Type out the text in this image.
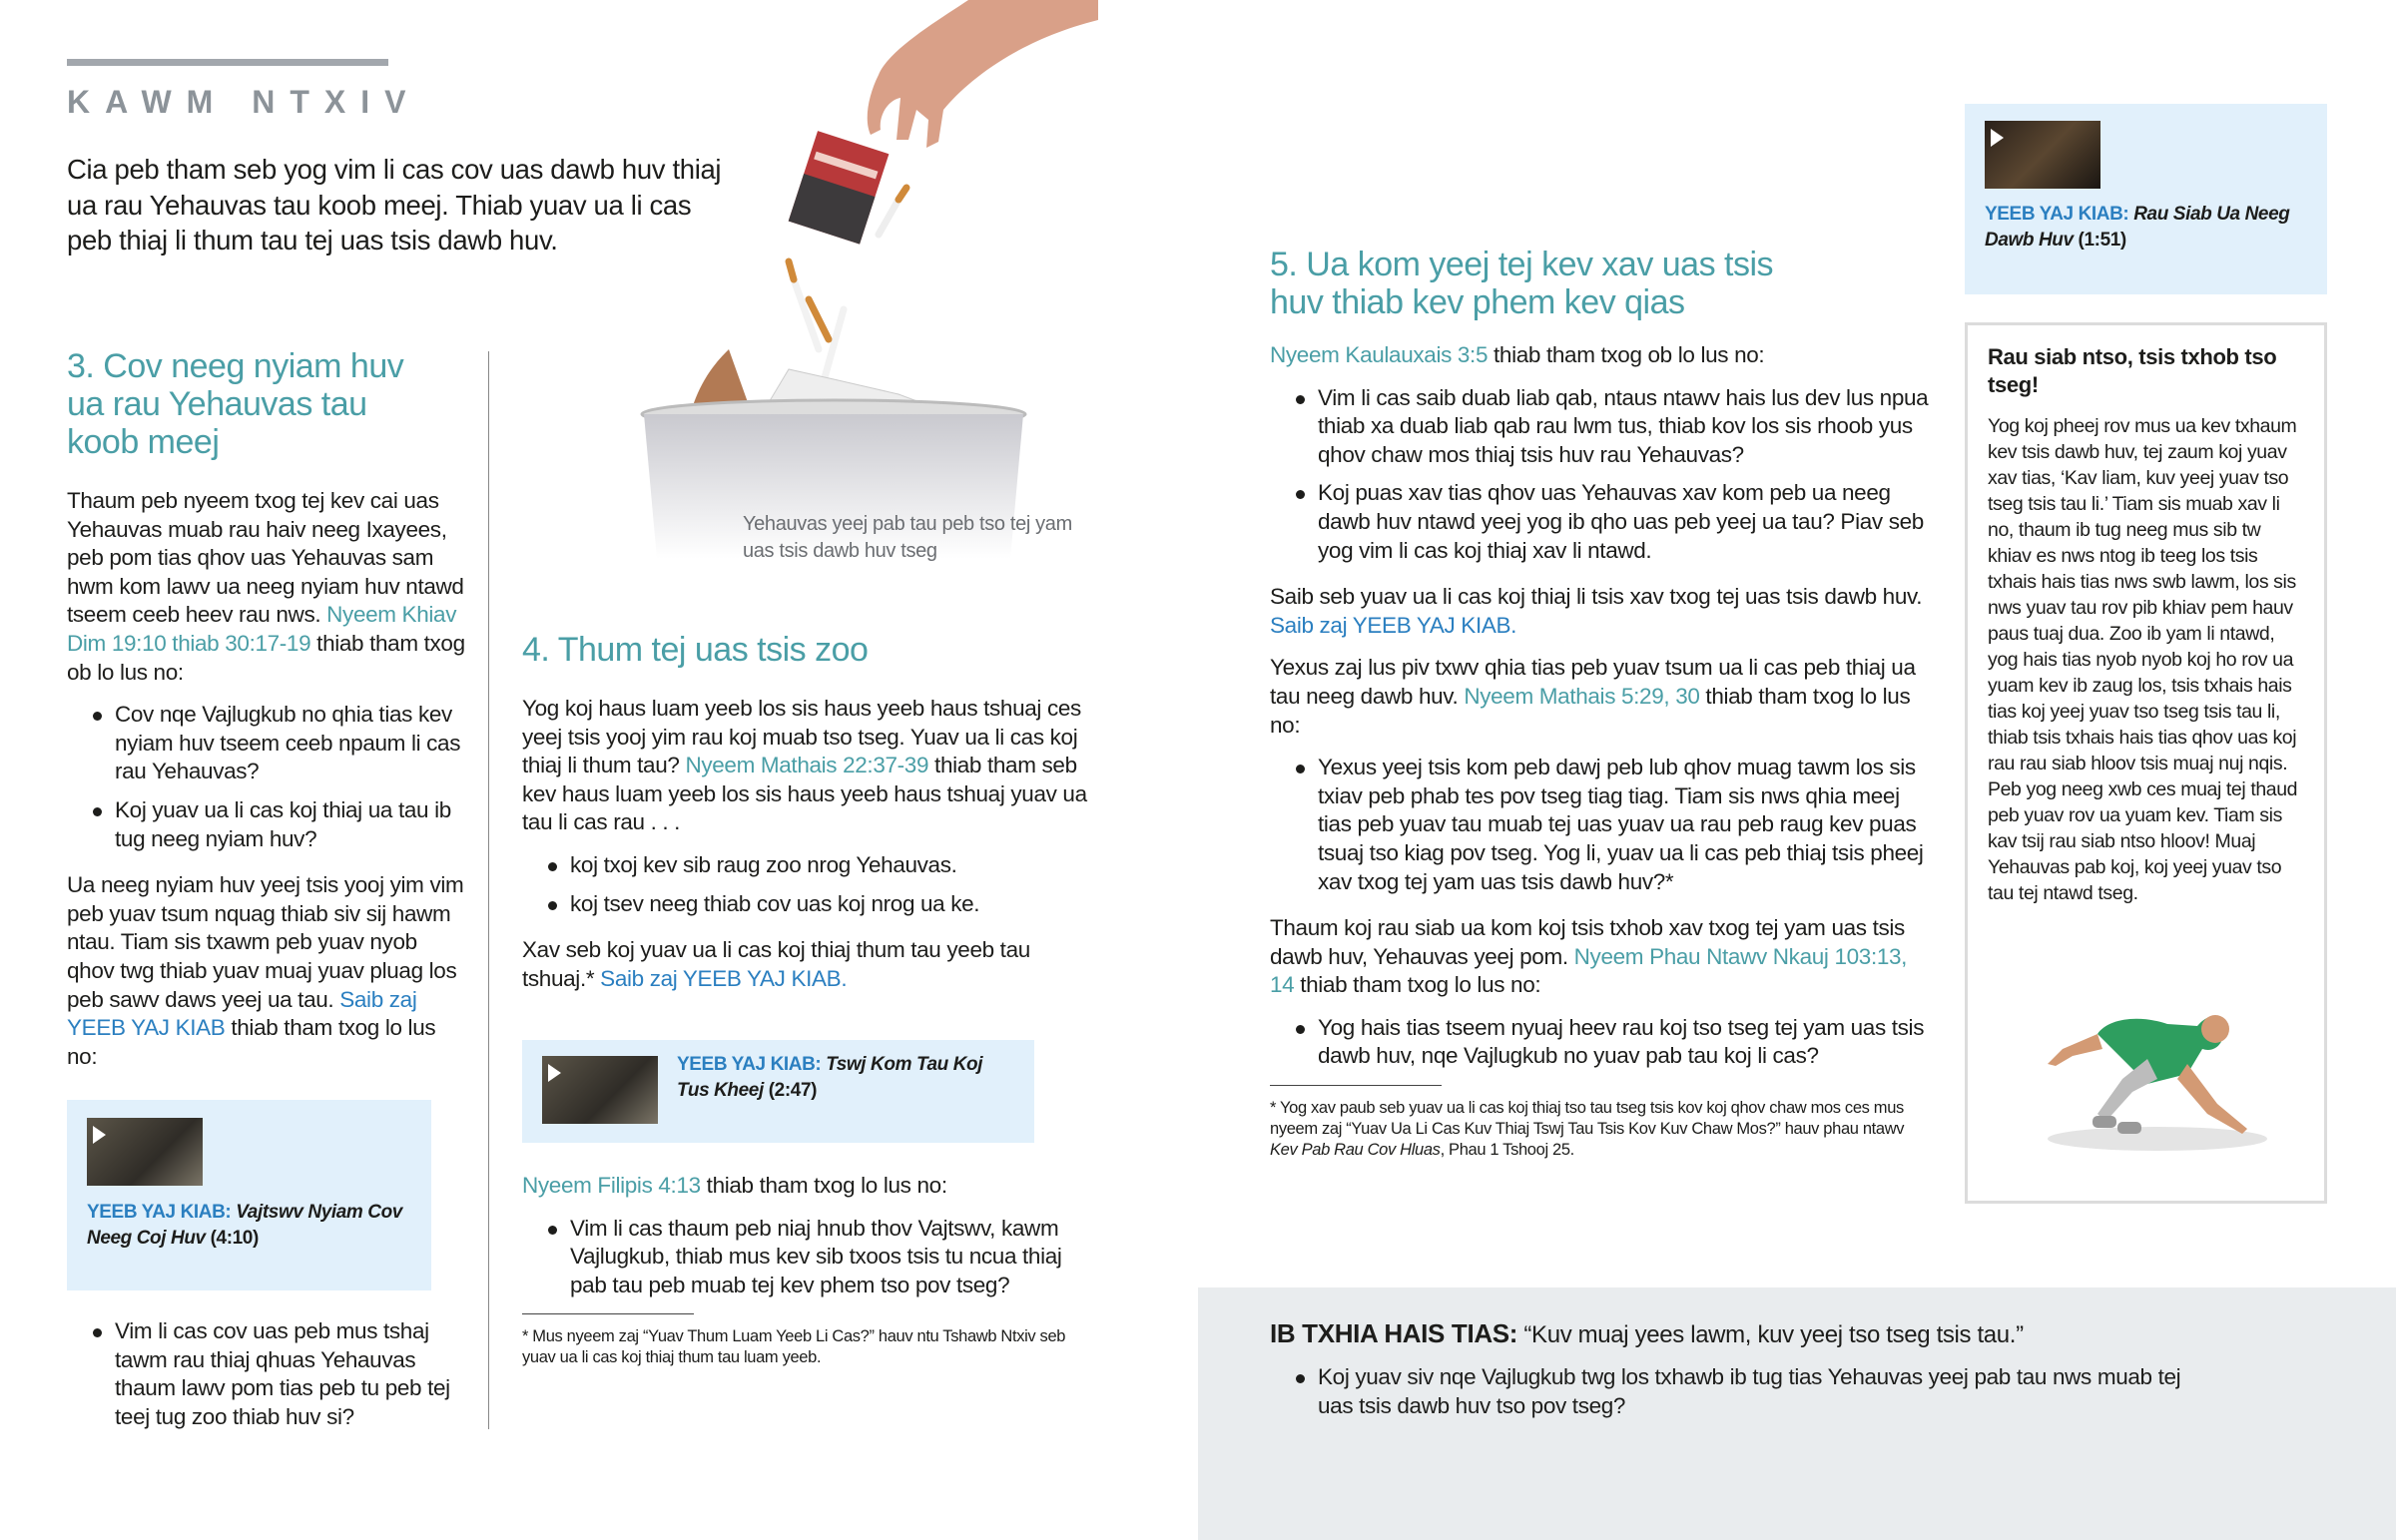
KAWM NTXIV
Cia peb tham seb yog vim li cas cov uas dawb huv thiaj ua rau Yehauvas tau koob meej. Thiab yuav ua li cas peb thiaj li thum tau tej uas tsis dawb huv.
Yehauvas yeej pab tau peb tso tej yam uas tsis dawb huv tseg
3. Cov neeg nyiam huv ua rau Yehauvas tau koob meej

Thaum peb nyeem txog tej kev cai uas Yehauvas muab rau haiv neeg Ixayees, peb pom tias qhov uas Yehauvas sam hwm kom lawv ua neeg nyiam huv ntawd tseem ceeb heev rau nws. Nyeem Khiav Dim 19:10 thiab 30:17-19 thiab tham txog ob lo lus no:

Cov nqe Vajlugkub no qhia tias kev nyiam huv tseem ceeb npaum li cas rau Yehauvas?
Koj yuav ua li cas koj thiaj ua tau ib tug neeg nyiam huv?

Ua neeg nyiam huv yeej tsis yooj yim vim peb yuav tsum nquag thiab siv sij hawm ntau. Tiam sis txawm peb yuav nyob qhov twg thiab yuav muaj yuav pluag los peb sawv daws yeej ua tau. Saib zaj YEEB YAJ KIAB thiab tham txog lo lus no:

YEEB YAJ KIAB: Vajtswv Nyiam Cov Neeg Coj Huv (4:10)
Vim li cas cov uas peb mus tshaj tawm rau thiaj qhuas Yehauvas thaum lawv pom tias peb tu peb tej teej tug zoo thiab huv si?
4. Thum tej uas tsis zoo

Yog koj haus luam yeeb los sis haus yeeb haus tshuaj ces yeej tsis yooj yim rau koj muab tso tseg. Yuav ua li cas koj thiaj li thum tau? Nyeem Mathais 22:37-39 thiab tham seb kev haus luam yeeb los sis haus yeeb haus tshuaj yuav ua tau li cas rau . . .

koj txoj kev sib raug zoo nrog Yehauvas.
koj tsev neeg thiab cov uas koj nrog ua ke.

Xav seb koj yuav ua li cas koj thiaj thum tau yeeb tau tshuaj.* Saib zaj YEEB YAJ KIAB.

YEEB YAJ KIAB: Tswj Kom Tau Koj Tus Kheej (2:47)

Nyeem Filipis 4:13 thiab tham txog lo lus no:

Vim li cas thaum peb niaj hnub thov Vajtswv, kawm Vajlugkub, thiab mus kev sib txoos tsis tu ncua thiaj pab tau peb muab tej kev phem tso pov tseg?
* Mus nyeem zaj “Yuav Thum Luam Yeeb Li Cas?” hauv ntu Tshawb Ntxiv seb yuav ua li cas koj thiaj thum tau luam yeeb.
5. Ua kom yeej tej kev xav uas tsis huv thiab kev phem kev qias

Nyeem Kaulauxais 3:5 thiab tham txog ob lo lus no:

Vim li cas saib duab liab qab, ntaus ntawv hais lus dev lus npua thiab xa duab liab qab rau lwm tus, thiab kov los sis rhoob yus qhov chaw mos thiaj tsis huv rau Yehauvas?
Koj puas xav tias qhov uas Yehauvas xav kom peb ua neeg dawb huv ntawd yeej yog ib qho uas peb yeej ua tau? Piav seb yog vim li cas koj thiaj xav li ntawd.

Saib seb yuav ua li cas koj thiaj li tsis xav txog tej uas tsis dawb huv. Saib zaj YEEB YAJ KIAB.

Yexus zaj lus piv txwv qhia tias peb yuav tsum ua li cas peb thiaj ua tau neeg dawb huv. Nyeem Mathais 5:29, 30 thiab tham txog lo lus no:

Yexus yeej tsis kom peb dawj peb lub qhov muag tawm los sis txiav peb phab tes pov tseg tiag tiag. Tiam sis nws qhia meej tias peb yuav tau muab tej uas yuav ua rau peb raug kev puas tsuaj tso kiag pov tseg. Yog li, yuav ua li cas peb thiaj tsis pheej xav txog tej yam uas tsis dawb huv?*

Thaum koj rau siab ua kom koj tsis txhob xav txog tej yam uas tsis dawb huv, Yehauvas yeej pom. Nyeem Phau Ntawv Nkauj 103:13, 14 thiab tham txog lo lus no:

Yog hais tias tseem nyuaj heev rau koj tso tseg tej yam uas tsis dawb huv, nqe Vajlugkub no yuav pab tau koj li cas?
* Yog xav paub seb yuav ua li cas koj thiaj tso tau tseg tsis kov koj qhov chaw mos ces mus nyeem zaj “Yuav Ua Li Cas Kuv Thiaj Tswj Tau Tsis Kov Kuv Chaw Mos?” hauv phau ntawv Kev Pab Rau Cov Hluas, Phau 1 Tshooj 25.
YEEB YAJ KIAB: Rau Siab Ua Neeg Dawb Huv (1:51)
Rau siab ntso, tsis txhob tso tseg!
Yog koj pheej rov mus ua kev txhaum kev tsis dawb huv, tej zaum koj yuav xav tias, ‘Kav liam, kuv yeej yuav tso tseg tsis tau li.’ Tiam sis muab xav li no, thaum ib tug neeg mus sib tw khiav es nws ntog ib teeg los tsis txhais hais tias nws swb lawm, los sis nws yuav tau rov pib khiav pem hauv paus tuaj dua. Zoo ib yam li ntawd, yog hais tias nyob nyob koj ho rov ua yuam kev ib zaug los, tsis txhais hais tias koj yeej yuav tso tseg tsis tau li, thiab tsis txhais hais tias qhov uas koj rau rau siab hloov tsis muaj nuj nqis. Peb yog neeg xwb ces muaj tej thaud peb yuav rov ua yuam kev. Tiam sis kav tsij rau siab ntso hloov! Muaj Yehauvas pab koj, koj yeej yuav tso tau tej ntawd tseg.
IB TXHIA HAIS TIAS: “Kuv muaj yees lawm, kuv yeej tso tseg tsis tau.”
Koj yuav siv nqe Vajlugkub twg los txhawb ib tug tias Yehauvas yeej pab tau nws muab tej uas tsis dawb huv tso pov tseg?
